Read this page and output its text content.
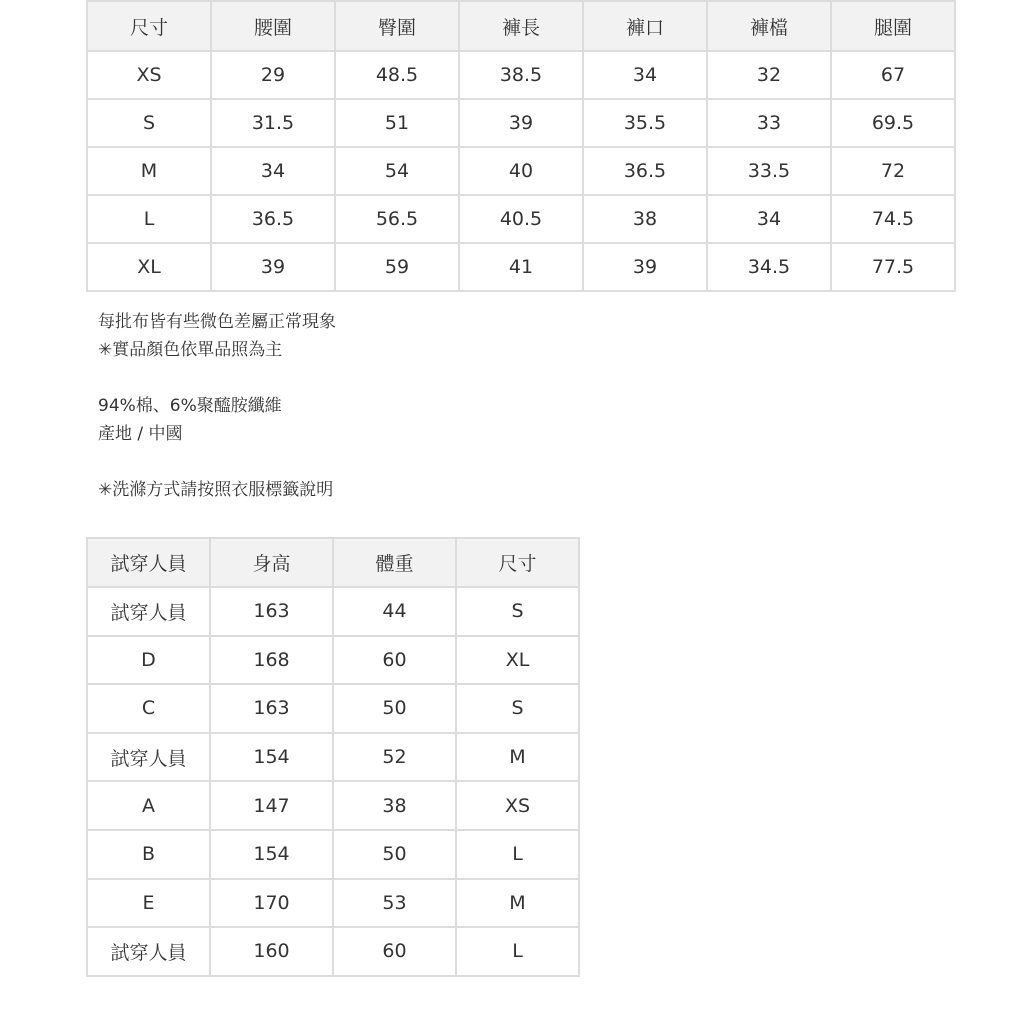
尺寸	腰圍	臀圍	褲長	褲口	褲檔	腿圍
XS	29	48.5	38.5	34	32	67
S	31.5	51	39	35.5	33	69.5
M	34	54	40	36.5	33.5	72
L	36.5	56.5	40.5	38	34	74.5
XL	39	59	41	39	34.5	77.5
每批布皆有些微色差屬正常現象
✳實品顏色依單品照為主
94%棉、6%聚醯胺纖維
產地 / 中國
✳洗滌方式請按照衣服標籤說明
試穿人員	身高	體重	尺寸
試穿人員	163	44	S
D	168	60	XL
C	163	50	S
試穿人員	154	52	M
A	147	38	XS
B	154	50	L
E	170	53	M
試穿人員	160	60	L
